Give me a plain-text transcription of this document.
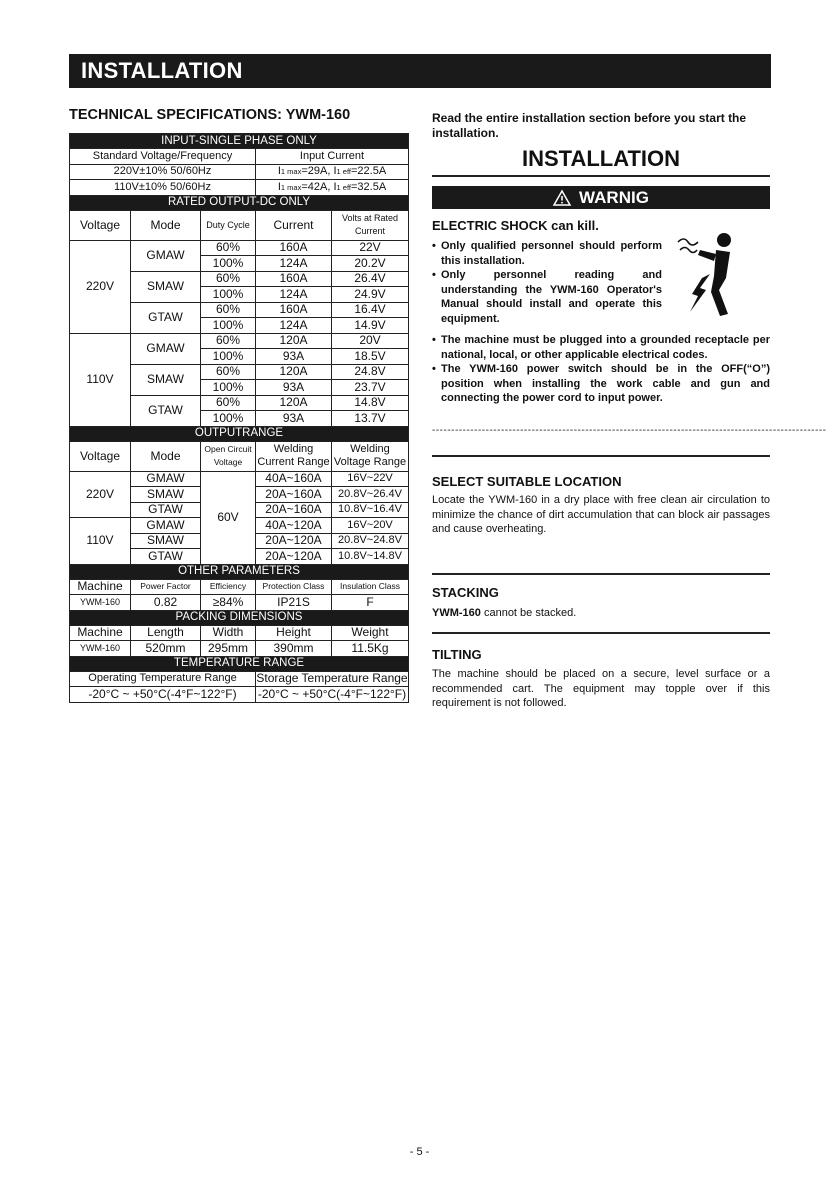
INSTALLATION
TECHNICAL SPECIFICATIONS: YWM-160
INPUT-SINGLE PHASE ONLY				
Standard Voltage/Frequency			Input Current	
220V±10% 50/60Hz			I1 max=29A, I1 eff=22.5A	
110V±10% 50/60Hz			I1 max=42A, I1 eff=32.5A	
RATED OUTPUT-DC ONLY				
Voltage	Mode	Duty Cycle	Current	Volts at Rated Current
220V	GMAW	60%	160A	22V
		100%	124A	20.2V
	SMAW	60%	160A	26.4V
		100%	124A	24.9V
	GTAW	60%	160A	16.4V
		100%	124A	14.9V
110V	GMAW	60%	120A	20V
		100%	93A	18.5V
	SMAW	60%	120A	24.8V
		100%	93A	23.7V
	GTAW	60%	120A	14.8V
		100%	93A	13.7V
OUTPUTRANGE				
Voltage	Mode	Open Circuit Voltage	Welding Current Range	Welding Voltage Range
220V	GMAW	60V	40A~160A	16V~22V
	SMAW		20A~160A	20.8V~26.4V
	GTAW		20A~160A	10.8V~16.4V
110V	GMAW		40A~120A	16V~20V
	SMAW		20A~120A	20.8V~24.8V
	GTAW		20A~120A	10.8V~14.8V
OTHER PARAMETERS				
Machine	Power Factor	Efficiency	Protection Class	Insulation Class
YWM-160	0.82	≥84%	IP21S	F
PACKING DIMENSIONS				
Machine	Length	Width	Height	Weight
YWM-160	520mm	295mm	390mm	11.5Kg
TEMPERATURE RANGE				
Operating Temperature Range			Storage Temperature Range	
-20°C ~ +50°C(-4°F~122°F)			-20°C ~ +50°C(-4°F~122°F)	
Read the entire installation section before you start the installation.
INSTALLATION
WARNIG
ELECTRIC SHOCK can kill.
• Only qualified personnel should perform this installation.
• Only personnel reading and understanding the YWM-160 Operator's Manual should install and operate this equipment.
• The machine must be plugged into a grounded receptacle per national, local, or other applicable electrical codes.
• The YWM-160 power switch should be in the OFF(“O”) position when installing the work cable and gun and connecting the power cord to input power.
-------------------------------------------------------------------------------------------------------
SELECT SUITABLE LOCATION
Locate the YWM-160 in a dry place with free clean air circulation to minimize the chance of dirt accumulation that can block air passages and cause overheating.
STACKING
YWM-160 cannot be stacked.
TILTING
The machine should be placed on a secure, level surface or a recommended cart. The equipment may topple over if this requirement is not followed.
- 5 -
